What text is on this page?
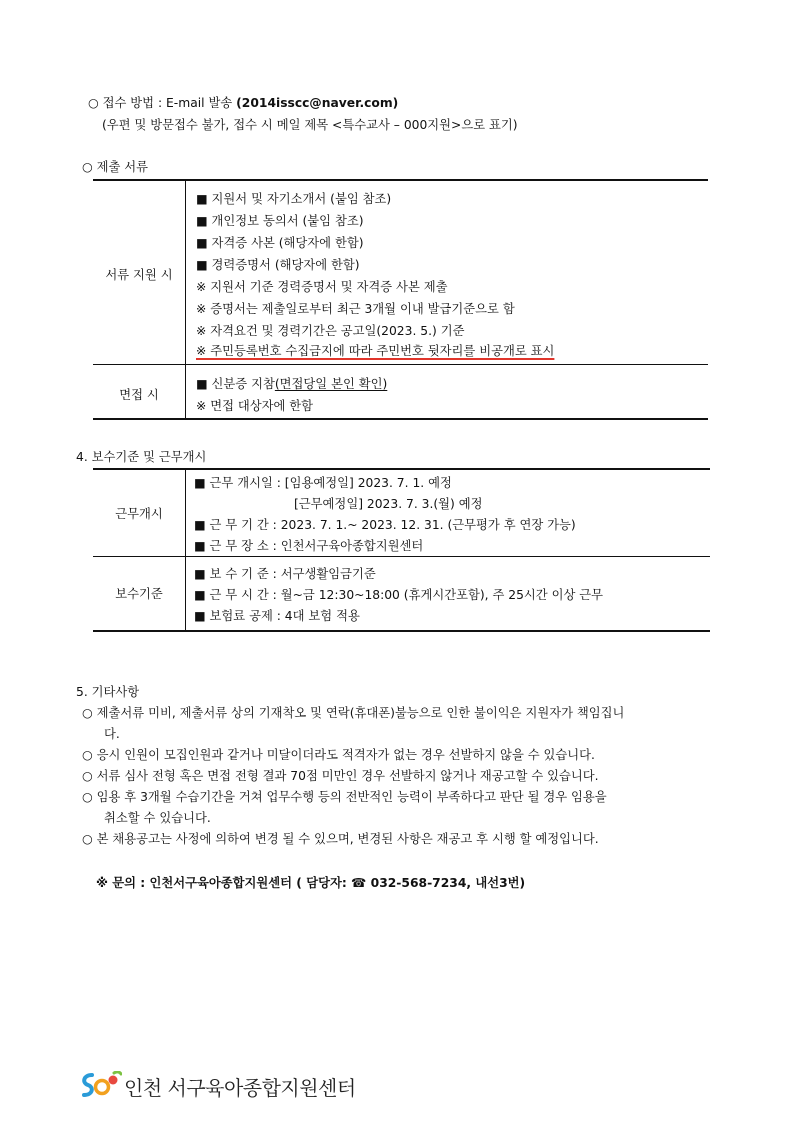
○ 접수 방법 : E-mail 발송 (2014isscc@naver.com)
(우편 및 방문접수 불가, 접수 시 메일 제목 <특수교사 – 000지원>으로 표기)
○ 제출 서류
서류 지원 시
■ 지원서 및 자기소개서 (붙임 참조)
■ 개인정보 동의서 (붙임 참조)
■ 자격증 사본 (해당자에 한함)
■ 경력증명서 (해당자에 한함)
※ 지원서 기준 경력증명서 및 자격증 사본 제출
※ 증명서는 제출일로부터 최근 3개월 이내 발급기준으로 함
※ 자격요건 및 경력기간은 공고일(2023. 5.) 기준
※ 주민등록번호 수집금지에 따라 주민번호 뒷자리를 비공개로 표시
면접 시
■ 신분증 지참(면접당일 본인 확인)
※ 면접 대상자에 한함
4. 보수기준 및 근무개시
근무개시
■ 근무 개시일 : [임용예정일] 2023. 7. 1. 예정
[근무예정일] 2023. 7. 3.(월) 예정
■ 근 무 기 간 : 2023. 7. 1.~ 2023. 12. 31. (근무평가 후 연장 가능)
■ 근 무 장 소 : 인천서구육아종합지원센터
보수기준
■ 보 수 기 준 : 서구생활임금기준
■ 근 무 시 간 : 월~금 12:30~18:00 (휴게시간포함), 주 25시간 이상 근무
■ 보험료 공제 : 4대 보험 적용
5. 기타사항
○ 제출서류 미비, 제출서류 상의 기재착오 및 연락(휴대폰)불능으로 인한 불이익은 지원자가 책임집니
다.
○ 응시 인원이 모집인원과 같거나 미달이더라도 적격자가 없는 경우 선발하지 않을 수 있습니다.
○ 서류 심사 전형 혹은 면접 전형 결과 70점 미만인 경우 선발하지 않거나 재공고할 수 있습니다.
○ 임용 후 3개월 수습기간을 거쳐 업무수행 등의 전반적인 능력이 부족하다고 판단 될 경우 임용을
취소할 수 있습니다.
○ 본 채용공고는 사정에 의하여 변경 될 수 있으며, 변경된 사항은 재공고 후 시행 할 예정입니다.
※ 문의 : 인천서구육아종합지원센터 ( 담당자: ☎ 032-568-7234, 내선3번)
인천 서구육아종합지원센터
